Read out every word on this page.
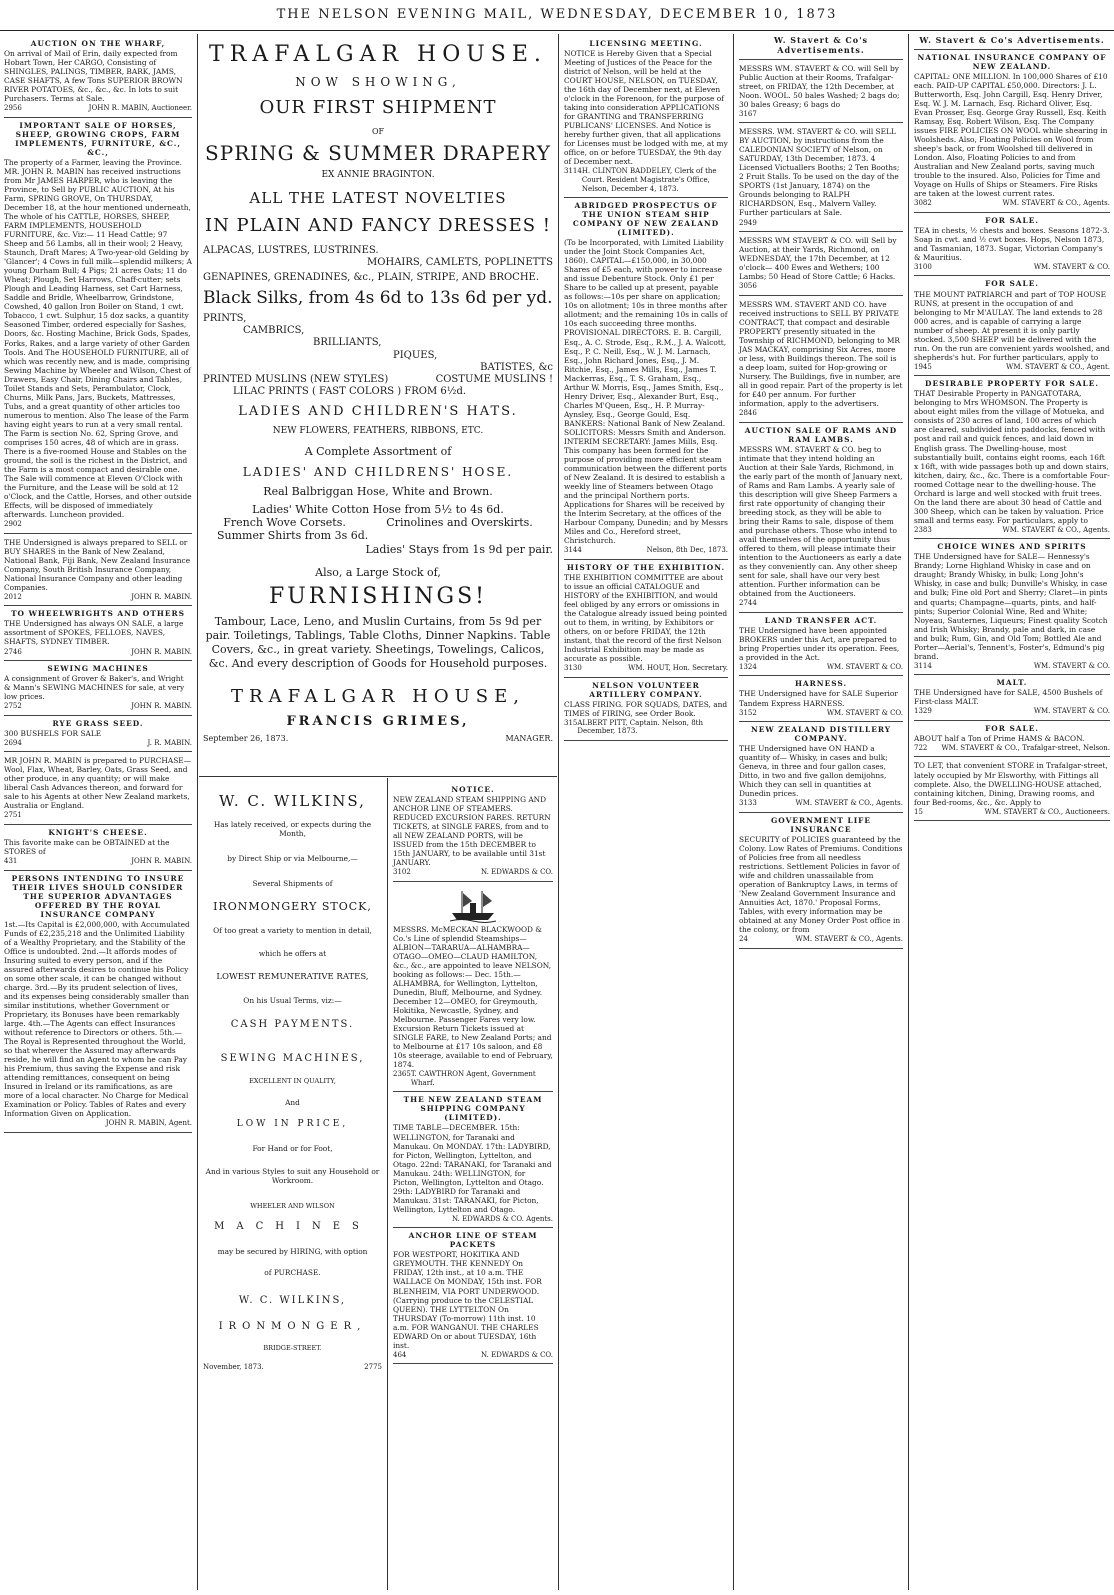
THE NELSON EVENING MAIL, WEDNESDAY, DECEMBER 10, 1873
AUCTION ON THE WHARF,

On arrival of Mail of Erin, daily expected from Hobart Town, Her CARGO, Consisting of SHINGLES, PALINGS, TIMBER, BARK, JAMS, CASE SHAFTS, A few Tons SUPERIOR BROWN RIVER POTATOES, &c., &c., &c. In lots to suit Purchasers. Terms at Sale.

2956	JOHN R. MABIN, Auctioneer.
IMPORTANT SALE OF HORSES, SHEEP, GROWING CROPS, FARM IMPLEMENTS, FURNITURE, &C., &C.,

The property of a Farmer, leaving the Province. MR. JOHN R. MABIN has received instructions from Mr JAMES HARPER, who is leaving the Province, to Sell by PUBLIC AUCTION, At his Farm, SPRING GROVE, On THURSDAY, December 18, at the hour mentioned underneath, The whole of his CATTLE, HORSES, SHEEP, FARM IMPLEMENTS, HOUSEHOLD FURNITURE, &c. Viz:— 11 Head Cattle; 97 Sheep and 56 Lambs, all in their wool; 2 Heavy, Staunch, Draft Mares; A Two-year-old Gelding by 'Glancer'; 4 Cows in full milk—splendid milkers; A young Durham Bull; 4 Pigs; 21 acres Oats; 11 do Wheat; Plough, Set Harrows, Chaff-cutter; sets Plough and Leading Harness, set Cart Harness, Saddle and Bridle, Wheelbarrow, Grindstone, Cowshed, 40 gallon Iron Boiler on Stand, 1 cwt. Tobacco, 1 cwt. Sulphur, 15 doz sacks, a quantity Seasoned Timber, ordered especially for Sashes, Doors, &c. Hosting Machine, Brick Gods, Spades, Forks, Rakes, and a large variety of other Garden Tools. And The HOUSEHOLD FURNITURE, all of which was recently new, and is made, comprising Sewing Machine by Wheeler and Wilson, Chest of Drawers, Easy Chair, Dining Chairs and Tables, Toilet Stands and Sets, Perambulator, Clock, Churns, Milk Pans, Jars, Buckets, Mattresses, Tubs, and a great quantity of other articles too numerous to mention. Also The lease of the Farm having eight years to run at a very small rental. The Farm is section No. 62, Spring Grove, and comprises 150 acres, 48 of which are in grass. There is a five-roomed House and Stables on the ground, the soil is the richest in the District, and the Farm is a most compact and desirable one. The Sale will commence at Eleven O'Clock with the Furniture, and the Lease will be sold at 12 o'Clock, and the Cattle, Horses, and other outside Effects, will be disposed of immediately afterwards. Luncheon provided.

2902

THE Undersigned is always prepared to SELL or BUY SHARES in the Bank of New Zealand, National Bank, Fiji Bank, New Zealand Insurance Company, South British Insurance Company, National Insurance Company and other leading Companies.

2012	JOHN R. MABIN.
TO WHEELWRIGHTS AND OTHERS

THE Undersigned has always ON SALE, a large assortment of SPOKES, FELLOES, NAVES, SHAFTS, SYDNEY TIMBER.

2746	JOHN R. MABIN.
SEWING MACHINES

A consignment of Grover & Baker's, and Wright & Mann's SEWING MACHINES for sale, at very low prices.

2752	JOHN R. MABIN.
RYE GRASS SEED.

300 BUSHELS FOR SALE

2694	J. R. MABIN.

MR JOHN R. MABIN is prepared to PURCHASE— Wool, Flax, Wheat, Barley, Oats, Grass Seed, and other produce, in any quantity; or will make liberal Cash Advances thereon, and forward for sale to his Agents at other New Zealand markets, Australia or England.

2751
KNIGHT'S CHEESE.

This favorite make can be OBTAINED at the STORES of

431	JOHN R. MABIN.
PERSONS INTENDING TO INSURE THEIR LIVES SHOULD CONSIDER THE SUPERIOR ADVANTAGES OFFERED BY THE ROYAL INSURANCE COMPANY

1st.—Its Capital is £2,000,000, with Accumulated Funds of £2,235,218 and the Unlimited Liability of a Wealthy Proprietary, and the Stability of the Office is undoubted. 2nd.—It affords modes of Insuring suited to every person, and if the assured afterwards desires to continue his Policy on some other scale, it can be changed without charge. 3rd.—By its prudent selection of lives, and its expenses being considerably smaller than similar institutions, whether Government or Proprietary, its Bonuses have been remarkably large. 4th.—The Agents can effect Insurances without reference to Directors or others. 5th.—The Royal is Represented throughout the World, so that wherever the Assured may afterwards reside, he will find an Agent to whom he can Pay his Premium, thus saving the Expense and risk attending remittances, consequent on being Insured in Ireland or its ramifications, as are more of a local character. No Charge for Medical Examination or Policy. Tables of Rates and every Information Given on Application.

JOHN R. MABIN, Agent.
TRAFALGAR HOUSE.
NOW SHOWING,
OUR FIRST SHIPMENT
OF
SPRING & SUMMER DRAPERY
EX ANNIE BRAGINTON.
ALL THE LATEST NOVELTIES
IN PLAIN AND FANCY DRESSES !
ALPACAS, LUSTRES, LUSTRINES.
MOHAIRS, CAMLETS, POPLINETTS
GENAPINES, GRENADINES, &c., PLAIN, STRIPE, AND BROCHE.
Black Silks, from 4s 6d to 13s 6d per yd.
PRINTS,
CAMBRICS,
BRILLIANTS,
PIQUES,
BATISTES, &c
PRINTED MUSLINS (NEW STYLES)	COSTUME MUSLINS !
LILAC PRINTS ( FAST COLORS ) FROM 6½d.
LADIES AND CHILDREN'S HATS.
NEW FLOWERS, FEATHERS, RIBBONS, ETC.
A Complete Assortment of
LADIES' AND CHILDRENS' HOSE.
Real Balbriggan Hose, White and Brown.
Ladies' White Cotton Hose from 5½ to 4s 6d.
French Wove Corsets.	Crinolines and Overskirts.
Summer Shirts from 3s 6d.
Ladies' Stays from 1s 9d per pair.
Also, a Large Stock of,
FURNISHINGS!
Tambour, Lace, Leno, and Muslin Curtains, from 5s 9d per pair. Toiletings, Tablings, Table Cloths, Dinner Napkins. Table Covers, &c., in great variety. Sheetings, Towelings, Calicos, &c. And every description of Goods for Household purposes.
TRAFALGAR HOUSE,
FRANCIS GRIMES,
September 26, 1873.	MANAGER.
W. C. WILKINS,
Has lately received, or expects during the Month,
by Direct Ship or via Melbourne,—
Several Shipments of
IRONMONGERY STOCK,
Of too great a variety to mention in detail,
which he offers at
LOWEST REMUNERATIVE RATES,
On his Usual Terms, viz:—
CASH PAYMENTS.
SEWING MACHINES,
EXCELLENT IN QUALITY,
And
LOW IN PRICE,
For Hand or for Foot,
And in various Styles to suit any Household or Workroom.
WHEELER AND WILSON
MACHINES
may be secured by HIRING, with option
of PURCHASE.
W. C. WILKINS,
IRONMONGER,
BRIDGE-STREET.
November, 1873.	2775
NOTICE.

NEW ZEALAND STEAM SHIPPING AND ANCHOR LINE OF STEAMERS. REDUCED EXCURSION FARES. RETURN TICKETS, at SINGLE FARES, from and to all NEW ZEALAND PORTS, will be ISSUED from the 15th DECEMBER to 15th JANUARY, to be available until 31st JANUARY.

3102	N. EDWARDS & CO.

MESSRS. McMECKAN BLACKWOOD & Co.'s Line of splendid Steamships—ALBION—TARARUA—ALHAMBRA—OTAGO—OMEO—CLAUD HAMILTON, &c., &c., are appointed to leave NELSON, booking as follows:— Dec. 15th.—ALHAMBRA, for Wellington, Lyttelton, Dunedin, Bluff, Melbourne, and Sydney. December 12—OMEO, for Greymouth, Hokitika, Newcastle, Sydney, and Melbourne. Passenger Fares very low. Excursion Return Tickets issued at SINGLE FARE, to New Zealand Ports; and to Melbourne at £17 10s saloon, and £8 10s steerage, available to end of February, 1874.

2365 T. CAWTHRON Agent, Government Wharf.
THE NEW ZEALAND STEAM SHIPPING COMPANY (LIMITED).

TIME TABLE—DECEMBER. 15th: WELLINGTON, for Taranaki and Manukau. On MONDAY. 17th: LADYBIRD, for Picton, Wellington, Lyttelton, and Otago. 22nd: TARANAKI, for Taranaki and Manukau. 24th: WELLINGTON, for Picton, Wellington, Lyttelton and Otago. 29th: LADYBIRD for Taranaki and Manukau. 31st: TARANAKI, for Picton, Wellington, Lyttelton and Otago.

N. EDWARDS & CO. Agents.
ANCHOR LINE OF STEAM PACKETS

FOR WESTPORT, HOKITIKA AND GREYMOUTH. THE KENNEDY On FRIDAY, 12th inst., at 10 a.m. THE WALLACE On MONDAY, 15th inst. FOR BLENHEIM, VIA PORT UNDERWOOD. (Carrying produce to the CELESTIAL QUEEN). THE LYTTELTON On THURSDAY (To-morrow) 11th inst. 10 a.m. FOR WANGANUI. THE CHARLES EDWARD On or about TUESDAY, 16th inst.

464	N. EDWARDS & CO.
LICENSING MEETING.

NOTICE is Hereby Given that a Special Meeting of Justices of the Peace for the district of Nelson, will be held at the COURT HOUSE, NELSON, on TUESDAY, the 16th day of December next, at Eleven o'clock in the Forenoon, for the purpose of taking into consideration APPLICATIONS for GRANTING and TRANSFERRING PUBLICANS' LICENSES. And Notice is hereby further given, that all applications for Licenses must be lodged with me, at my office, on or before TUESDAY, the 9th day of December next.

3114 H. CLINTON BADDELEY, Clerk of the Court. Resident Magistrate's Office, Nelson, December 4, 1873.
ABRIDGED PROSPECTUS OF THE UNION STEAM SHIP COMPANY OF NEW ZEALAND (LIMITED).

(To be Incorporated, with Limited Liability under the Joint Stock Companies Act, 1860). CAPITAL—£150,000, in 30,000 Shares of £5 each, with power to increase and issue Debenture Stock. Only £1 per Share to be called up at present, payable as follows:—10s per share on application; 10s on allotment; 10s in three months after allotment; and the remaining 10s in calls of 10s each succeeding three months. PROVISIONAL DIRECTORS. E. B. Cargill, Esq., A. C. Strode, Esq., R.M., J. A. Walcott, Esq., P. C. Neill, Esq., W. J. M. Larnach, Esq., John Richard Jones, Esq., J. M. Ritchie, Esq., James Mills, Esq., James T. Mackerras, Esq., T. S. Graham, Esq., Arthur W. Morris, Esq., James Smith, Esq., Henry Driver, Esq., Alexander Burt, Esq., Charles M'Queen, Esq., H. P. Murray-Aynsley, Esq., George Gould, Esq. BANKERS: National Bank of New Zealand. SOLICITORS: Messrs Smith and Anderson. INTERIM SECRETARY: James Mills, Esq. This company has been formed for the purpose of providing more efficient steam communication between the different ports of New Zealand. It is desired to establish a weekly line of Steamers between Otago and the principal Northern ports. Applications for Shares will be received by the Interim Secretary, at the offices of the Harbour Company, Dunedin; and by Messrs Miles and Co., Hereford street, Christchurch.

3144	Nelson, 8th Dec, 1873.
HISTORY OF THE EXHIBITION.

THE EXHIBITION COMMITTEE are about to issue an official CATALOGUE and HISTORY of the EXHIBITION, and would feel obliged by any errors or omissions in the Catalogue already issued being pointed out to them, in writing, by Exhibitors or others, on or before FRIDAY, the 12th instant, that the record of the first Nelson Industrial Exhibition may be made as accurate as possible.

3130	WM. HOUT, Hon. Secretary.
NELSON VOLUNTEER ARTILLERY COMPANY.

CLASS FIRING. FOR SQUADS, DATES, and TIMES of FIRING, see Order Book.

315 ALBERT PITT, Captain. Nelson, 8th December, 1873.
W. Stavert & Co's Advertisements.

MESSRS WM. STAVERT & CO. will Sell by Public Auction at their Rooms, Trafalgar-street, on FRIDAY, the 12th December, at Noon. WOOL. 50 bales Washed; 2 bags do; 30 bales Greasy; 6 bags do

3167

MESSRS. WM. STAVERT & CO. will SELL BY AUCTION, by instructions from the CALEDONIAN SOCIETY of Nelson, on SATURDAY, 13th December, 1873. 4 Licensed Victuallers Booths; 2 Ten Booths; 2 Fruit Stalls. To be used on the day of the SPORTS (1st January, 1874) on the Grounds belonging to RALPH RICHARDSON, Esq., Malvern Valley. Further particulars at Sale.

2949

MESSRS WM STAVERT & CO. will Sell by Auction, at their Yards, Richmond, on WEDNESDAY, the 17th December, at 12 o'clock— 400 Ewes and Wethers; 100 Lambs; 50 Head of Store Cattle; 6 Hacks.

3056

MESSRS WM. STAVERT AND CO. have received instructions to SELL BY PRIVATE CONTRACT, that compact and desirable PROPERTY presently situated in the Township of RICHMOND, belonging to MR JAS MACKAY, comprising Six Acres, more or less, with Buildings thereon. The soil is a deep loam, suited for Hop-growing or Nursery. The Buildings, five in number, are all in good repair. Part of the property is let for £40 per annum. For further information, apply to the advertisers.

2846
AUCTION SALE OF RAMS AND RAM LAMBS.

MESSRS WM. STAVERT & CO. beg to intimate that they intend holding an Auction at their Sale Yards, Richmond, in the early part of the month of January next, of Rams and Ram Lambs. A yearly sale of this description will give Sheep Farmers a first rate opportunity of changing their breeding stock, as they will be able to bring their Rams to sale, dispose of them and purchase others. Those who intend to avail themselves of the opportunity thus offered to them, will please intimate their intention to the Auctioneers as early a date as they conveniently can. Any other sheep sent for sale, shall have our very best attention. Further information can be obtained from the Auctioneers.

2744
LAND TRANSFER ACT.

THE Undersigned have been appointed BROKERS under this Act, are prepared to bring Properties under its operation. Fees, a provided in the Act.

1324	WM. STAVERT & CO.
HARNESS.

THE Undersigned have for SALE Superior Tandem Express HARNESS.

3152	WM. STAVERT & CO.
NEW ZEALAND DISTILLERY COMPANY.

THE Undersigned have ON HAND a quantity of— Whisky, in cases and bulk; Geneva, in three and four gallon cases, Ditto, in two and five gallon demijohns, Which they can sell in quantities at Dunedin prices.

3133	WM. STAVERT & CO., Agents.
GOVERNMENT LIFE INSURANCE

SECURITY of POLICIES guaranteed by the Colony. Low Rates of Premiums. Conditions of Policies free from all needless restrictions. Settlement Policies in favor of wife and children unassailable from operation of Bankruptcy Laws, in terms of 'New Zealand Government Insurance and Annuities Act, 1870.' Proposal Forms, Tables, with every information may be obtained at any Money Order Post office in the colony, or from

24	WM. STAVERT & CO., Agents.
W. Stavert & Co's Advertisements.
NATIONAL INSURANCE COMPANY OF NEW ZEALAND.

CAPITAL: ONE MILLION. In 100,000 Shares of £10 each. PAID-UP CAPITAL £50,000. Directors: J. L. Butterworth, Esq. John Cargill, Esq. Henry Driver, Esq. W. J. M. Larnach, Esq. Richard Oliver, Esq. Evan Prosser, Esq. George Gray Russell, Esq. Keith Ramsay, Esq. Robert Wilson, Esq. The Company issues FIRE POLICIES ON WOOL while shearing in Woolsheds. Also, Floating Policies on Wool from sheep's back, or from Woolshed till delivered in London. Also, Floating Policies to and from Australian and New Zealand ports, saving much trouble to the insured. Also, Policies for Time and Voyage on Hulls of Ships or Steamers. Fire Risks are taken at the lowest current rates.

3082	WM. STAVERT & CO., Agents.
FOR SALE.

TEA in chests, ½ chests and boxes. Seasons 1872-3. Soap in cwt. and ½ cwt boxes. Hops, Nelson 1873, and Tasmanian, 1873. Sugar, Victorian Company's & Mauritius.

3100	WM. STAVERT & CO.
FOR SALE.

THE MOUNT PATRIARCH and part of TOP HOUSE RUNS, at present in the occupation of and belonging to Mr M'AULAY. The land extends to 28 000 acres, and is capable of carrying a large number of sheep. At present it is only partly stocked. 3,500 SHEEP will be delivered with the run. On the run are convenient yards woolshed, and shepherds's hut. For further particulars, apply to

1945	WM. STAVERT & CO., Agent.
DESIRABLE PROPERTY FOR SALE.

THAT Desirable Property in PANGATOTARA, belonging to Mrs WHOMSON. The Property is about eight miles from the village of Motueka, and consists of 230 acres of land, 100 acres of which are cleared, subdivided into paddocks, fenced with post and rail and quick fences, and laid down in English grass. The Dwelling-house, most substantially built, contains eight rooms, each 16ft x 16ft, with wide passages both up and down stairs, kitchen, dairy, &c., &c. There is a comfortable Four-roomed Cottage near to the dwelling-house. The Orchard is large and well stocked with fruit trees. On the land there are about 30 head of Cattle and 300 Sheep, which can be taken by valuation. Price small and terms easy. For particulars, apply to

2383	WM. STAVERT & CO., Agents.
CHOICE WINES AND SPIRITS

THE Undersigned have for SALE— Hennessy's Brandy; Lorne Highland Whisky in case and on draught; Brandy Whisky, in bulk; Long John's Whisky, in case and bulk; Dunville's Whisky, in case and bulk; Fine old Port and Sherry; Claret—in pints and quarts; Champagne—quarts, pints, and half-pints; Superior Colonial Wine, Red and White; Noyeau, Sauternes, Liqueurs; Finest quality Scotch and Irish Whisky; Brandy, pale and dark, in case and bulk; Rum, Gin, and Old Tom; Bottled Ale and Porter—Aerial's, Tennent's, Foster's, Edmund's pig brand.

3114	WM. STAVERT & CO.
MALT.

THE Undersigned have for SALE, 4500 Bushels of First-class MALT.

1329	WM. STAVERT & CO.
FOR SALE.

ABOUT half a Ton of Prime HAMS & BACON.

722 WM. STAVERT & CO., Trafalgar-street, Nelson.

TO LET, that convenient STORE in Trafalgar-street, lately occupied by Mr Elsworthy, with Fittings all complete. Also, the DWELLING-HOUSE attached, containing kitchen, Dining, Drawing rooms, and four Bed-rooms, &c., &c. Apply to

15	WM. STAVERT & CO., Auctioneers.
